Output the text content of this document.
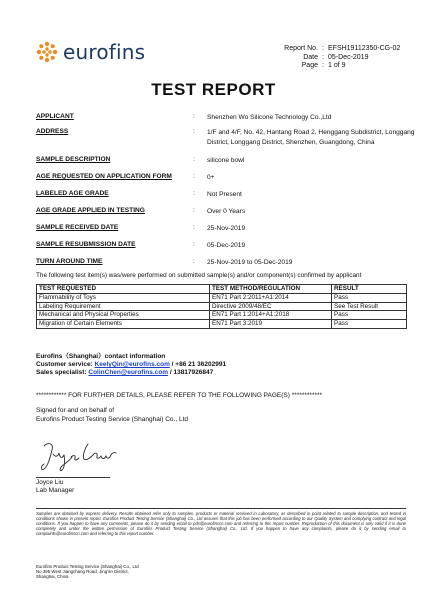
eurofins	Report No. : EFSH19112350-CG-02
Date : 05-Dec-2019
Page : 1 of 9
TEST REPORT
APPLICANT	: Shenzhen Wo Silicone Technology Co.,Ltd
ADDRESS	: 1/F and 4/F, No. 42, Hantang Road 2, Henggang Subdistrict, Longgang District, Longgang District, Shenzhen, Guangdong, China
SAMPLE DESCRIPTION	: silicone bowl
AGE REQUESTED ON APPLICATION FORM	: 0+
LABELED AGE GRADE	: Not Present
AGE GRADE APPLIED IN TESTING	: Over 0 Years
SAMPLE RECEIVED DATE	: 25-Nov-2019
SAMPLE RESUBMISSION DATE	: 05-Dec-2019
TURN AROUND TIME	: 25-Nov-2019 to 05-Dec-2019
The following test item(s) was/were performed on submitted sample(s) and/or component(s) confirmed by applicant
TEST REQUESTED	TEST METHOD/REGULATION	RESULT
Flammability of Toys	EN71 Part 2:2011+A1:2014	Pass
Labeling Requirement	Directive 2009/48/EC	See Test Result
Mechanical and Physical Properties	EN71 Part 1:2014+A1:2018	Pass
Migration of Certain Elements	EN71 Part 3:2019	Pass
Eurofins（Shanghai）contact information
Customer service: KeelyQin@eurofins.com / +86 21 36202991
Sales specialist: ColinChen@eurofins.com / 13817926847
************ FOR FURTHER DETAILS, PLEASE REFER TO THE FOLLOWING PAGE(S) ************
Signed for and on behalf of
Eurofins Product Testing Service (Shanghai) Co., Ltd
Joyce Liu
Lab Manager
Samples are obtained by express delivery. Results obtained refer only to samples, products or material received in Laboratory, as described in point related to sample description, and tested in conditions shown in present report. Eurofins Product Testing Service (Shanghai) Co., Ltd assures that this job has been performed according to our Quality System and complying contract and legal conditions. If you happen to have any comments, please do it by sending email to pds@eurofinscn.com and referring to this report number. Reproduction of this document is only valid if it is done completely and under the written permission of Eurofins Product Testing Service (Shanghai) Co., Ltd. If you happen to have any complaints, please do it by sending email to complaints@eurofinscn.com and referring to this report number.
Eurofins Product Testing Service (Shanghai) Co., Ltd
No.395 West Jiangchang Road, Jing'an District,
Shanghai, China
